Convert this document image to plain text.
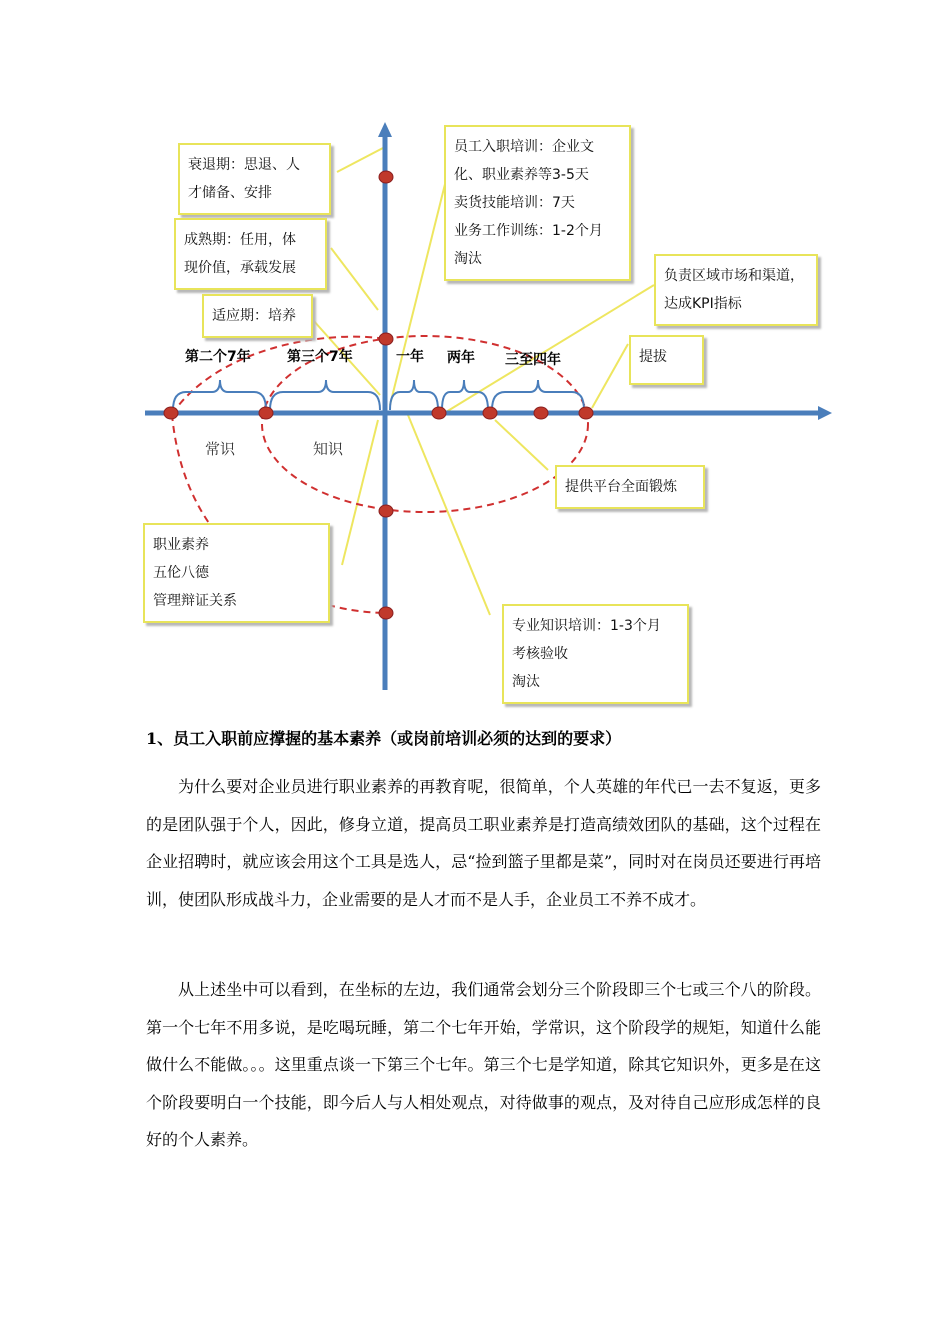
衰退期：思退、人
才储备、安排
成熟期：任用，体
现价值，承载发展
适应期：培养
员工入职培训：企业文
化、职业素养等3-5天
卖货技能培训：7天
业务工作训练：1-2个月
淘汰
负责区域市场和渠道，
达成KPI指标
提拔
提供平台全面锻炼
职业素养
五伦八德
管理辩证关系
专业知识培训：1-3个月
考核验收
淘汰
第二个7年	第三个7年	一年 两年 三至四年
常识	知识
1、员工入职前应撑握的基本素养（或岗前培训必须的达到的要求）
为什么要对企业员进行职业素养的再教育呢，很简单，个人英雄的年代已一去不复返，更多的是团队强于个人，因此，修身立道，提高员工职业素养是打造高绩效团队的基础，这个过程在企业招聘时，就应该会用这个工具是选人，忌“捡到篮子里都是菜”，同时对在岗员还要进行再培训，使团队形成战斗力，企业需要的是人才而不是人手，企业员工不养不成才。
从上述坐中可以看到，在坐标的左边，我们通常会划分三个阶段即三个七或三个八的阶段。第一个七年不用多说，是吃喝玩睡，第二个七年开始，学常识，这个阶段学的规矩，知道什么能做什么不能做。。。这里重点谈一下第三个七年。第三个七是学知道，除其它知识外，更多是在这个阶段要明白一个技能，即今后人与人相处观点，对待做事的观点，及对待自己应形成怎样的良好的个人素养。
